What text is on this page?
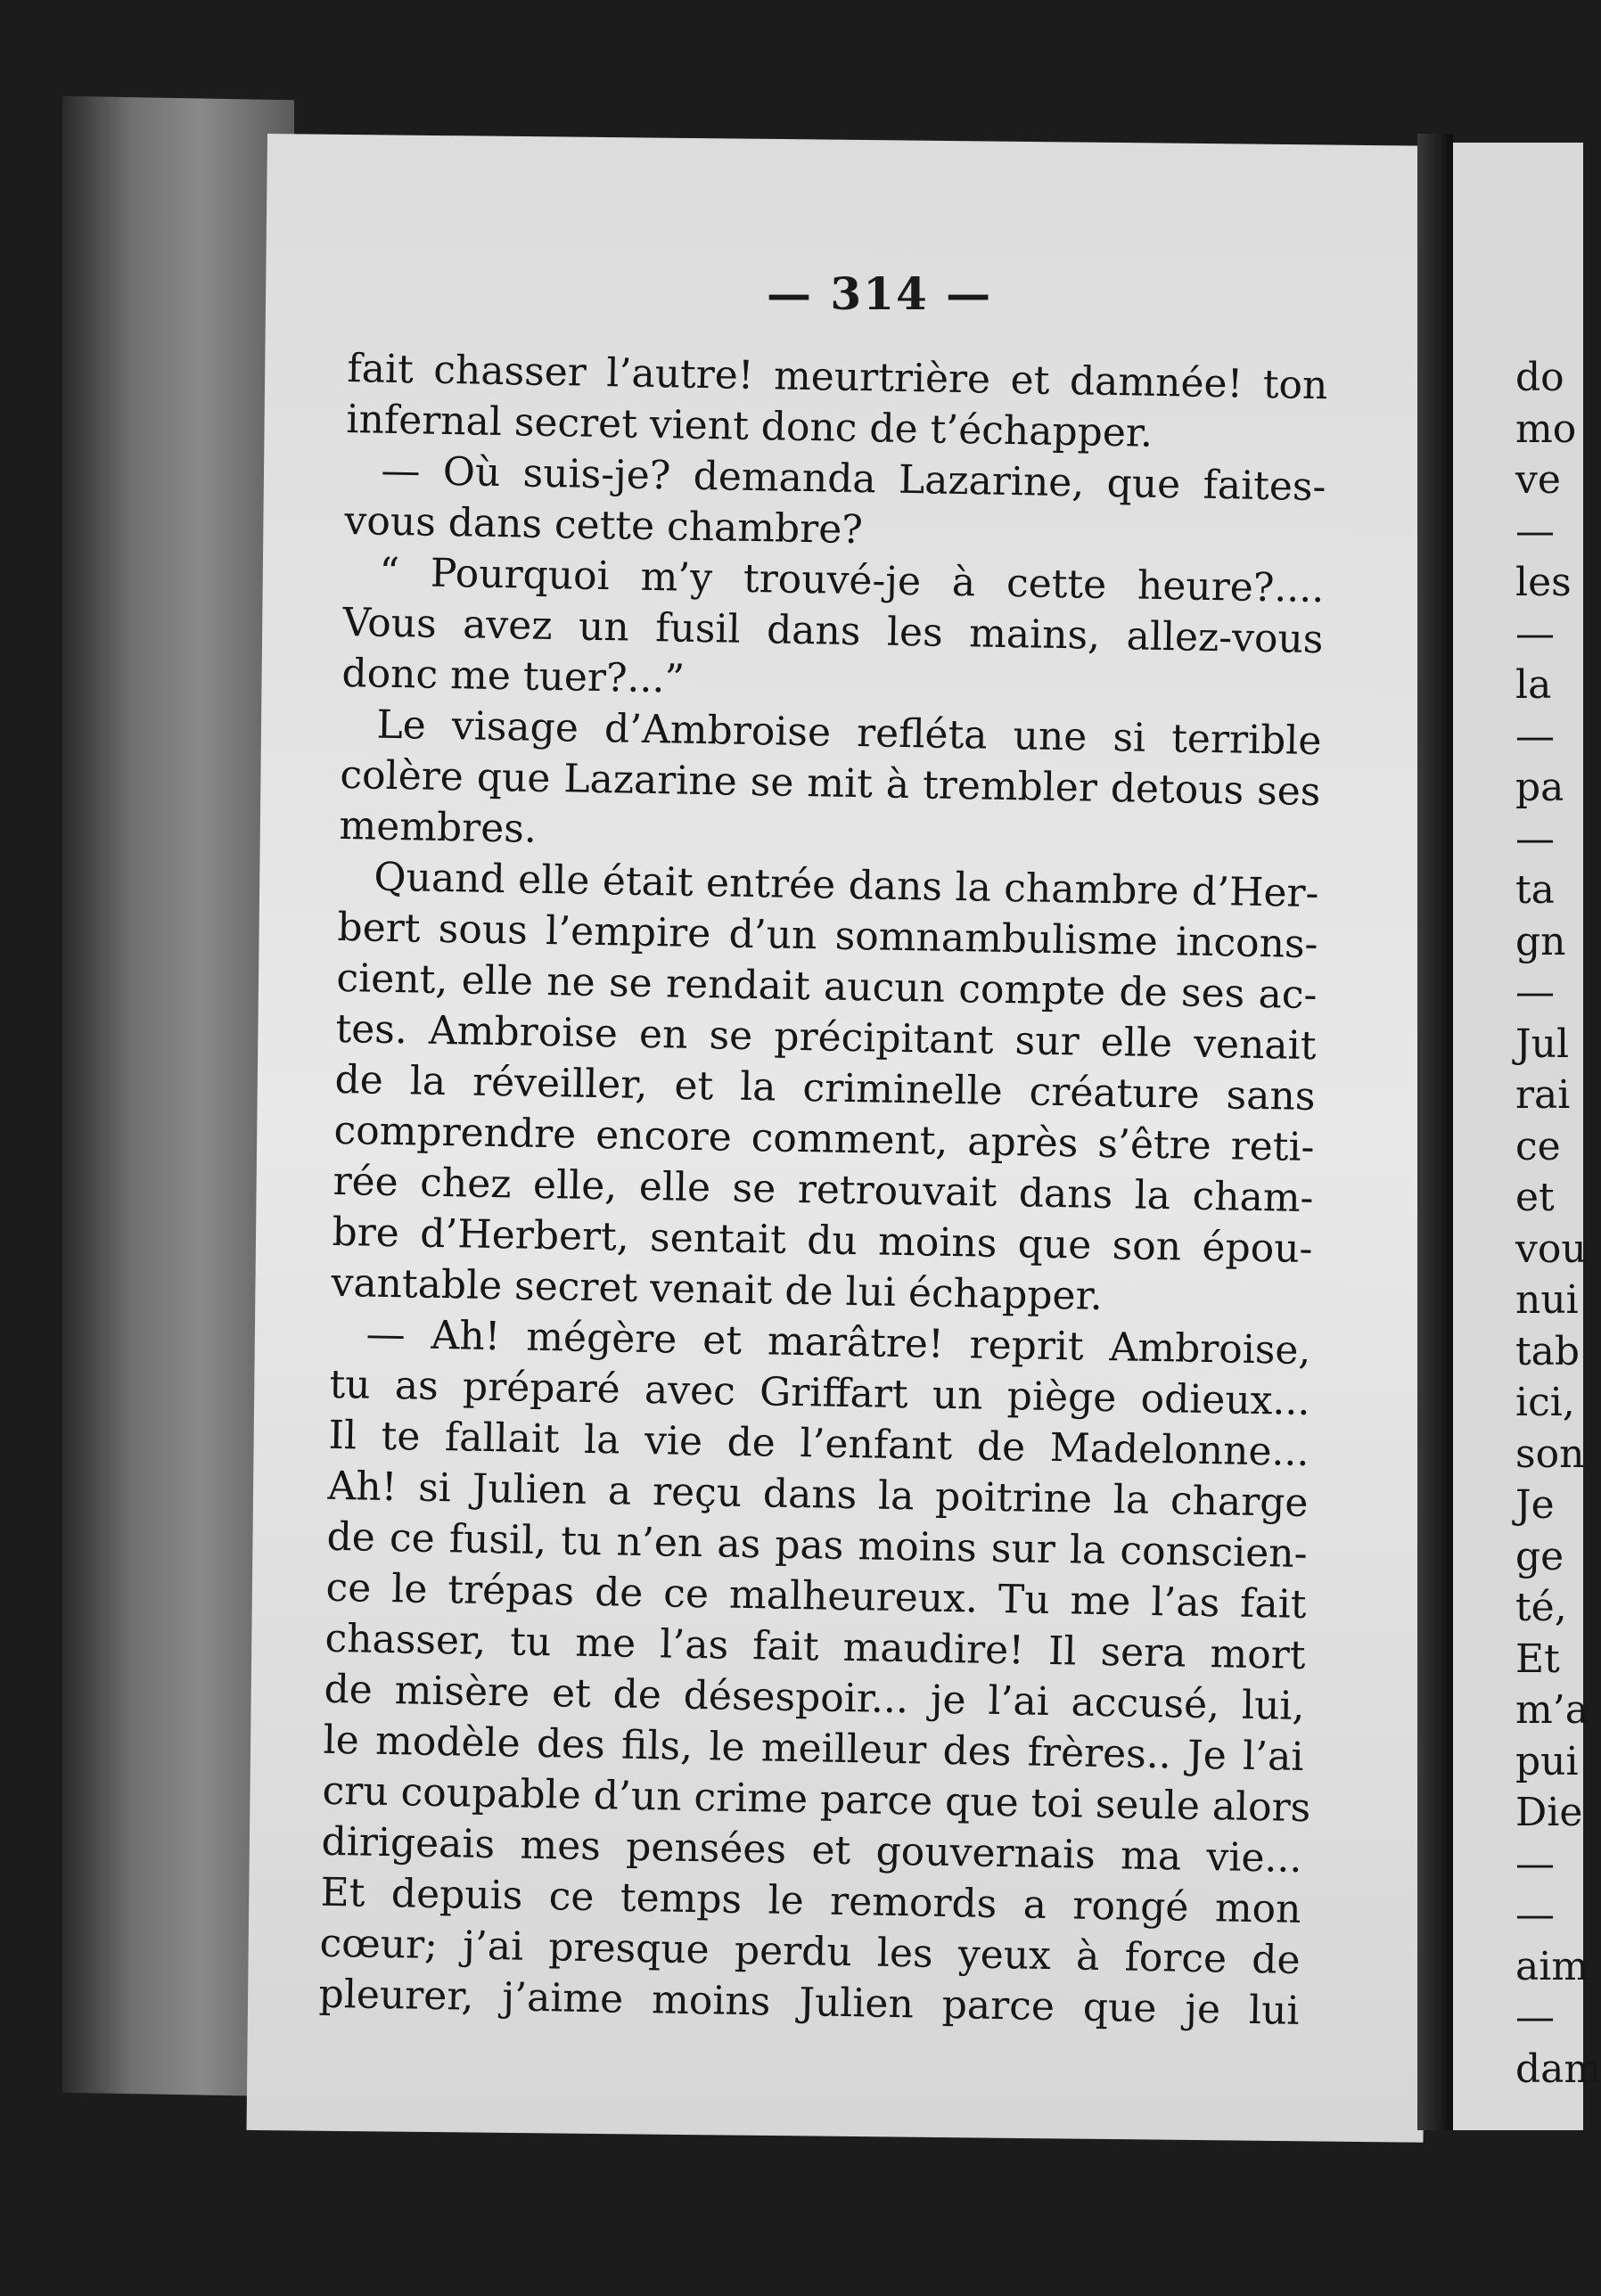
— 314 —
fait chasser l’autre! meurtrière et damnée! ton
infernal secret vient donc de t’échapper.
— Où suis-je? demanda Lazarine, que faites-
vous dans cette chambre?
“ Pourquoi m’y trouvé-je à cette heure?....
Vous avez un fusil dans les mains, allez-vous
donc me tuer?...”
Le visage d’Ambroise refléta une si terrible
colère que Lazarine se mit à trembler detous ses
membres.
Quand elle était entrée dans la chambre d’Her-
bert sous l’empire d’un somnambulisme incons-
cient, elle ne se rendait aucun compte de ses ac-
tes. Ambroise en se précipitant sur elle venait
de la réveiller, et la criminelle créature sans
comprendre encore comment, après s’être reti-
rée chez elle, elle se retrouvait dans la cham-
bre d’Herbert, sentait du moins que son épou-
vantable secret venait de lui échapper.
— Ah! mégère et marâtre! reprit Ambroise,
tu as préparé avec Griffart un piège odieux...
Il te fallait la vie de l’enfant de Madelonne...
Ah! si Julien a reçu dans la poitrine la charge
de ce fusil, tu n’en as pas moins sur la conscien-
ce le trépas de ce malheureux. Tu me l’as fait
chasser, tu me l’as fait maudire! Il sera mort
de misère et de désespoir... je l’ai accusé, lui,
le modèle des fils, le meilleur des frères.. Je l’ai
cru coupable d’un crime parce que toi seule alors
dirigeais mes pensées et gouvernais ma vie...
Et depuis ce temps le remords a rongé mon
cœur; j’ai presque perdu les yeux à force de
pleurer, j’aime moins Julien parce que je lui
do
mo
ve
—
les
—
la
—
pa
—
ta
gn
—
Jul
rai
ce
et
vou
nui
tab
ici,
son
Je
ge
té,
Et
m’a
pui
Die
—
—
aim
—
dam
